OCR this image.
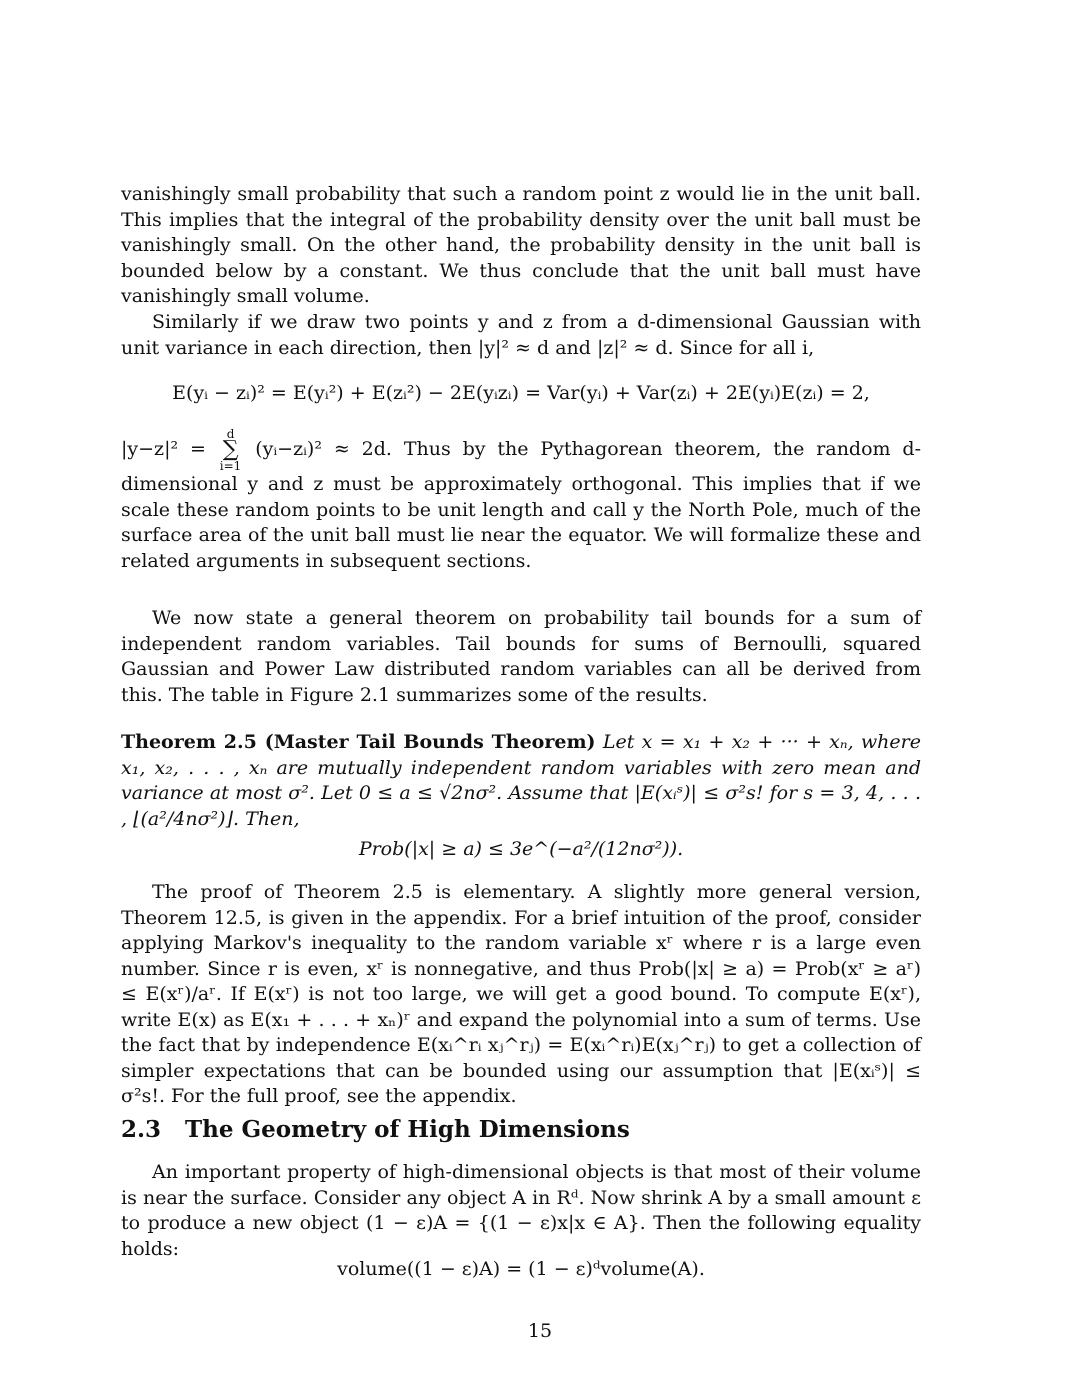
vanishingly small probability that such a random point z would lie in the unit ball. This implies that the integral of the probability density over the unit ball must be vanishingly small. On the other hand, the probability density in the unit ball is bounded below by a constant. We thus conclude that the unit ball must have vanishingly small volume.

Similarly if we draw two points y and z from a d-dimensional Gaussian with unit variance in each direction, then |y|² ≈ d and |z|² ≈ d. Since for all i,

E(yᵢ − zᵢ)² = E(yᵢ²) + E(zᵢ²) − 2E(yᵢzᵢ) = Var(yᵢ) + Var(zᵢ) + 2E(yᵢ)E(zᵢ) = 2,

|y−z|² = d
∑
i=1 (yᵢ−zᵢ)² ≈ 2d. Thus by the Pythagorean theorem, the random d-dimensional y and z must be approximately orthogonal. This implies that if we scale these random points to be unit length and call y the North Pole, much of the surface area of the unit ball must lie near the equator. We will formalize these and related arguments in subsequent sections.

We now state a general theorem on probability tail bounds for a sum of independent random variables. Tail bounds for sums of Bernoulli, squared Gaussian and Power Law distributed random variables can all be derived from this. The table in Figure 2.1 summarizes some of the results.

Theorem 2.5 (Master Tail Bounds Theorem) Let x = x₁ + x₂ + ··· + xₙ, where x₁, x₂, . . . , xₙ are mutually independent random variables with zero mean and variance at most σ². Let 0 ≤ a ≤ √2nσ². Assume that |E(xᵢˢ)| ≤ σ²s! for s = 3, 4, . . . , ⌊(a²/4nσ²)⌋. Then,

Prob(|x| ≥ a) ≤ 3e^(−a²/(12nσ²)).

The proof of Theorem 2.5 is elementary. A slightly more general version, Theorem 12.5, is given in the appendix. For a brief intuition of the proof, consider applying Markov's inequality to the random variable xʳ where r is a large even number. Since r is even, xʳ is nonnegative, and thus Prob(|x| ≥ a) = Prob(xʳ ≥ aʳ) ≤ E(xʳ)/aʳ. If E(xʳ) is not too large, we will get a good bound. To compute E(xʳ), write E(x) as E(x₁ + . . . + xₙ)ʳ and expand the polynomial into a sum of terms. Use the fact that by independence E(xᵢ^rᵢ xⱼ^rⱼ) = E(xᵢ^rᵢ)E(xⱼ^rⱼ) to get a collection of simpler expectations that can be bounded using our assumption that |E(xᵢˢ)| ≤ σ²s!. For the full proof, see the appendix.

2.3 The Geometry of High Dimensions

An important property of high-dimensional objects is that most of their volume is near the surface. Consider any object A in Rᵈ. Now shrink A by a small amount ε to produce a new object (1 − ε)A = {(1 − ε)x|x ∈ A}. Then the following equality holds:

volume((1 − ε)A) = (1 − ε)ᵈvolume(A).

15
